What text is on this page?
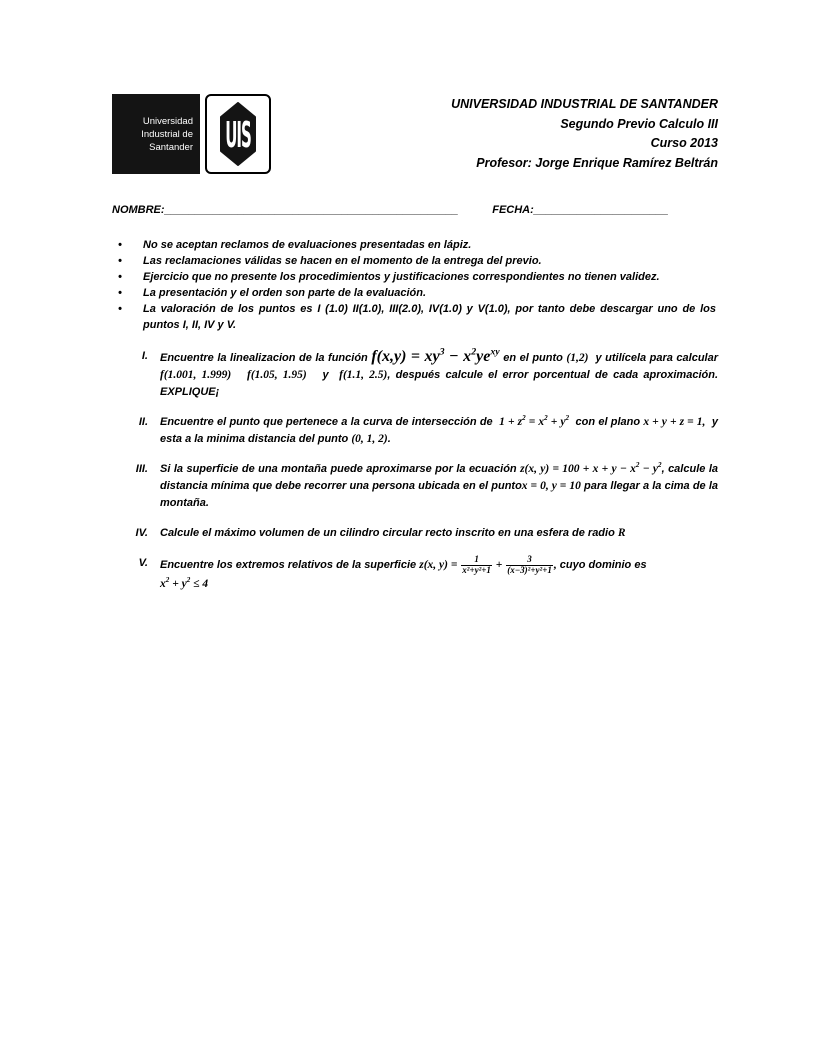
Universidad
Industrial de
Santander UIS
UNIVERSIDAD INDUSTRIAL DE SANTANDER
Segundo Previo Calculo III
Curso 2013
Profesor: Jorge Enrique Ramírez Beltrán
NOMBRE:________________________________________________	FECHA:______________________
•	No se aceptan reclamos de evaluaciones presentadas en lápiz.
•	Las reclamaciones válidas se hacen en el momento de la entrega del previo.
•	Ejercicio que no presente los procedimientos y justificaciones correspondientes no tienen validez.
•	La presentación y el orden son parte de la evaluación.
•	La valoración de los puntos es I (1.0) II(1.0), III(2.0), IV(1.0) y V(1.0), por tanto debe descargar uno de los puntos I, II, IV y V.
I. Encuentre la linealizacion de la función $f(x,y) = xy^3 - x^2ye^{xy}$ en el punto (1,2)  y utilícela para calcular f(1.001, 1.999) f(1.05, 1.95)   y  f(1.1, 2.5), después calcule el error porcentual de cada aproximación. EXPLIQUE¡
II. Encuentre el punto que pertenece a la curva de intersección de  $1 + z^2 = x^2 + y^2$  con el plano x + y + z = 1,  y esta a la minima distancia del punto (0, 1, 2).
III. Si la superficie de una montaña puede aproximarse por la ecuación z(x, $y) = 100 + x + y - x^2 - y^2$, calcule la distancia mínima que debe recorrer una persona ubicada en el puntox = 0, y = 10 para llegar a la cima de la montaña.
IV. Calcule el máximo volumen de un cilindro circular recto inscrito en una esfera de radio R
V. Encuentre los extremos relativos de la superficie z(x, $y) = \frac{1}{\text{x²+y²+1}} + \frac{3}{\text{(x−3)²+y²+1}}$ , cuyo dominio es
$x^2 + y^2 \le 4$
